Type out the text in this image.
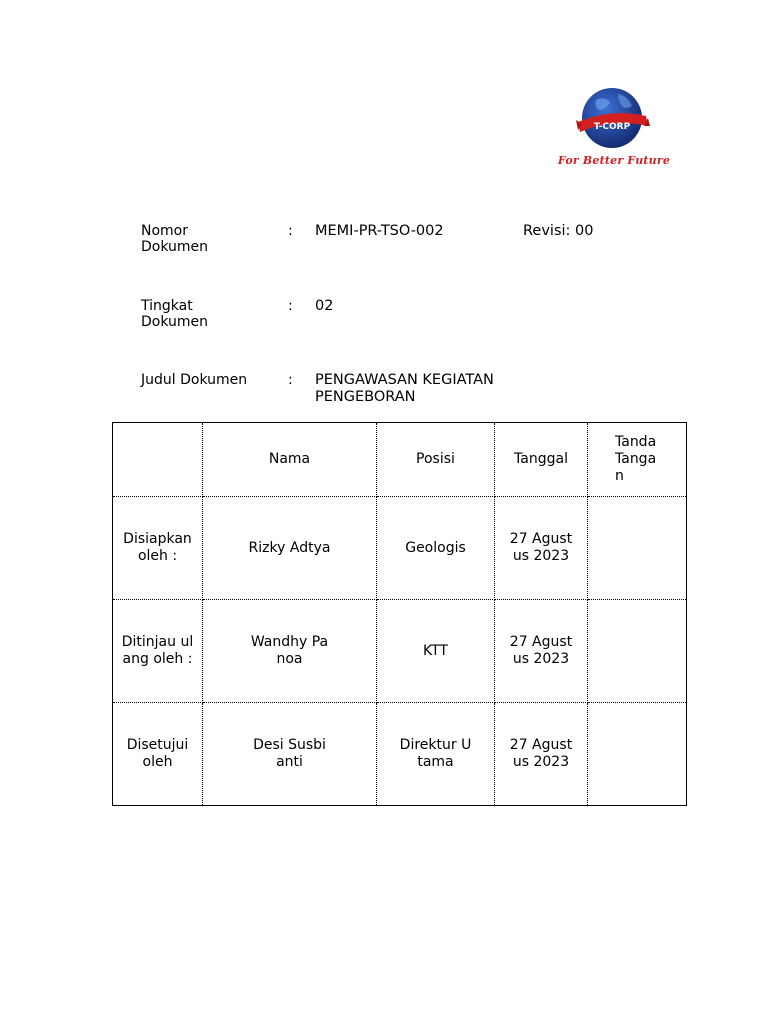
T-CORP
For Better Future
Nomor Dokumen
: MEMI-PR-TSO-002	Revisi: 00
Tingkat Dokumen
: 02
Judul Dokumen	: PENGAWASAN KEGIATAN PENGEBORAN
	Nama	Posisi	Tanggal	Tanda Tangan
Disiapkan oleh :	Rizky Adtya	Geologis	27 Agustus 2023	
Ditinjau ulang oleh :	Wandhy Panoa	KTT	27 Agustus 2023	
Disetujui oleh	Desi Susbianti	Direktur Utama	27 Agustus 2023	
